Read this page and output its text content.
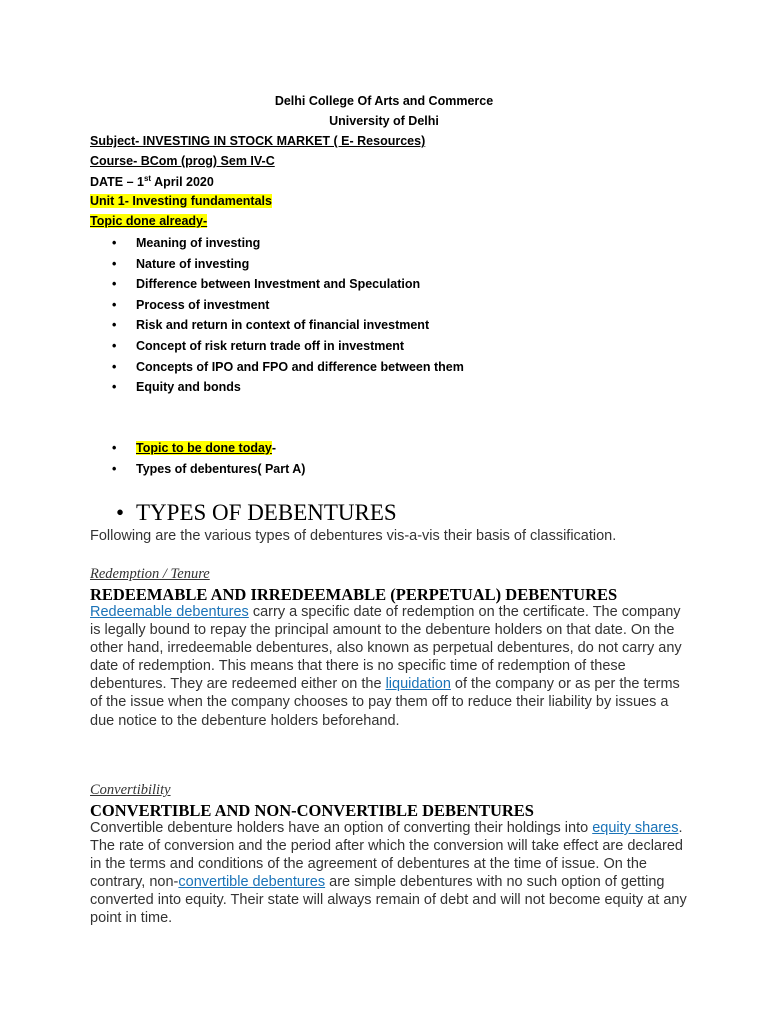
Delhi College Of Arts and Commerce
University of Delhi
Subject- INVESTING IN STOCK MARKET ( E- Resources)
Course- BCom (prog) Sem IV-C
DATE – 1st April 2020
Unit 1- Investing fundamentals
Topic done already-
• Meaning of investing
• Nature of investing
• Difference between Investment and Speculation
• Process of investment
• Risk and return in context of financial investment
• Concept of risk return trade off in investment
• Concepts of IPO and FPO and difference between them
• Equity and bonds
• Topic to be done today-
• Types of debentures( Part A)
• TYPES OF DEBENTURES
Following are the various types of debentures vis-a-vis their basis of classification.
Redemption / Tenure
REDEEMABLE AND IRREDEEMABLE (PERPETUAL) DEBENTURES
Redeemable debentures carry a specific date of redemption on the certificate. The company is legally bound to repay the principal amount to the debenture holders on that date. On the other hand, irredeemable debentures, also known as perpetual debentures, do not carry any date of redemption. This means that there is no specific time of redemption of these debentures. They are redeemed either on the liquidation of the company or as per the terms of the issue when the company chooses to pay them off to reduce their liability by issues a due notice to the debenture holders beforehand.
Convertibility
CONVERTIBLE AND NON-CONVERTIBLE DEBENTURES
Convertible debenture holders have an option of converting their holdings into equity shares. The rate of conversion and the period after which the conversion will take effect are declared in the terms and conditions of the agreement of debentures at the time of issue. On the contrary, non-convertible debentures are simple debentures with no such option of getting converted into equity. Their state will always remain of debt and will not become equity at any point in time.
